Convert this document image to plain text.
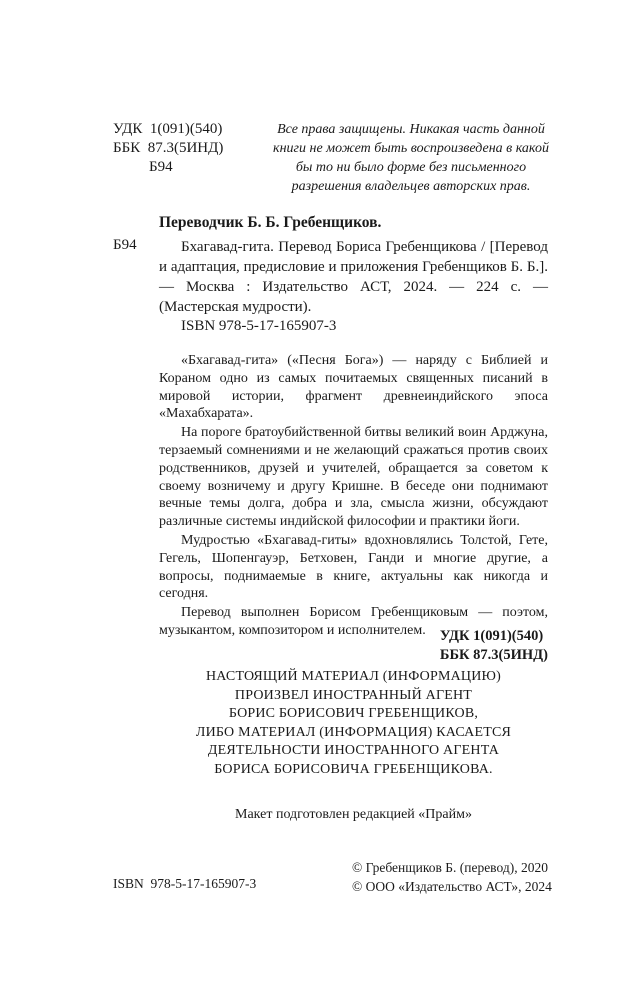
УДК 1(091)(540)
ББК 87.3(5ИНД)
Б94
Все права защищены. Никакая часть данной книги не может быть воспроизведена в какой бы то ни было форме без письменного разрешения владельцев авторских прав.
Переводчик Б. Б. Гребенщиков.
Б94	Бхагавад-гита. Перевод Бориса Гребенщикова / [Перевод и адаптация, предисловие и приложения Гребенщиков Б. Б.]. — Москва : Издательство АСТ, 2024. — 224 с. — (Мастерская мудрости).
ISBN 978-5-17-165907-3

«Бхагавад-гита» («Песня Бога») — наряду с Библией и Кораном одно из самых почитаемых священных писаний в мировой истории, фрагмент древнеиндийского эпоса «Махабхарата».

На пороге братоубийственной битвы великий воин Арджуна, терзаемый сомнениями и не желающий сражаться против своих родственников, друзей и учителей, обращается за советом к своему возничему и другу Кришне. В беседе они поднимают вечные темы долга, добра и зла, смысла жизни, обсуждают различные системы индийской философии и практики йоги.

Мудростью «Бхагавад-гиты» вдохновлялись Толстой, Гете, Гегель, Шопенгауэр, Бетховен, Ганди и многие другие, а вопросы, поднимаемые в книге, актуальны как никогда и сегодня.

Перевод выполнен Борисом Гребенщиковым — поэтом, музыкантом, композитором и исполнителем. УДК 1(091)(540)
ББК 87.3(5ИНД)
НАСТОЯЩИЙ МАТЕРИАЛ (ИНФОРМАЦИЮ)
ПРОИЗВЕЛ ИНОСТРАННЫЙ АГЕНТ
БОРИС БОРИСОВИЧ ГРЕБЕНЩИКОВ,
ЛИБО МАТЕРИАЛ (ИНФОРМАЦИЯ) КАСАЕТСЯ
ДЕЯТЕЛЬНОСТИ ИНОСТРАННОГО АГЕНТА
БОРИСА БОРИСОВИЧА ГРЕБЕНЩИКОВА.
Макет подготовлен редакцией «Прайм»
© Гребенщиков Б. (перевод), 2020
© ООО «Издательство АСТ», 2024
ISBN  978-5-17-165907-3
